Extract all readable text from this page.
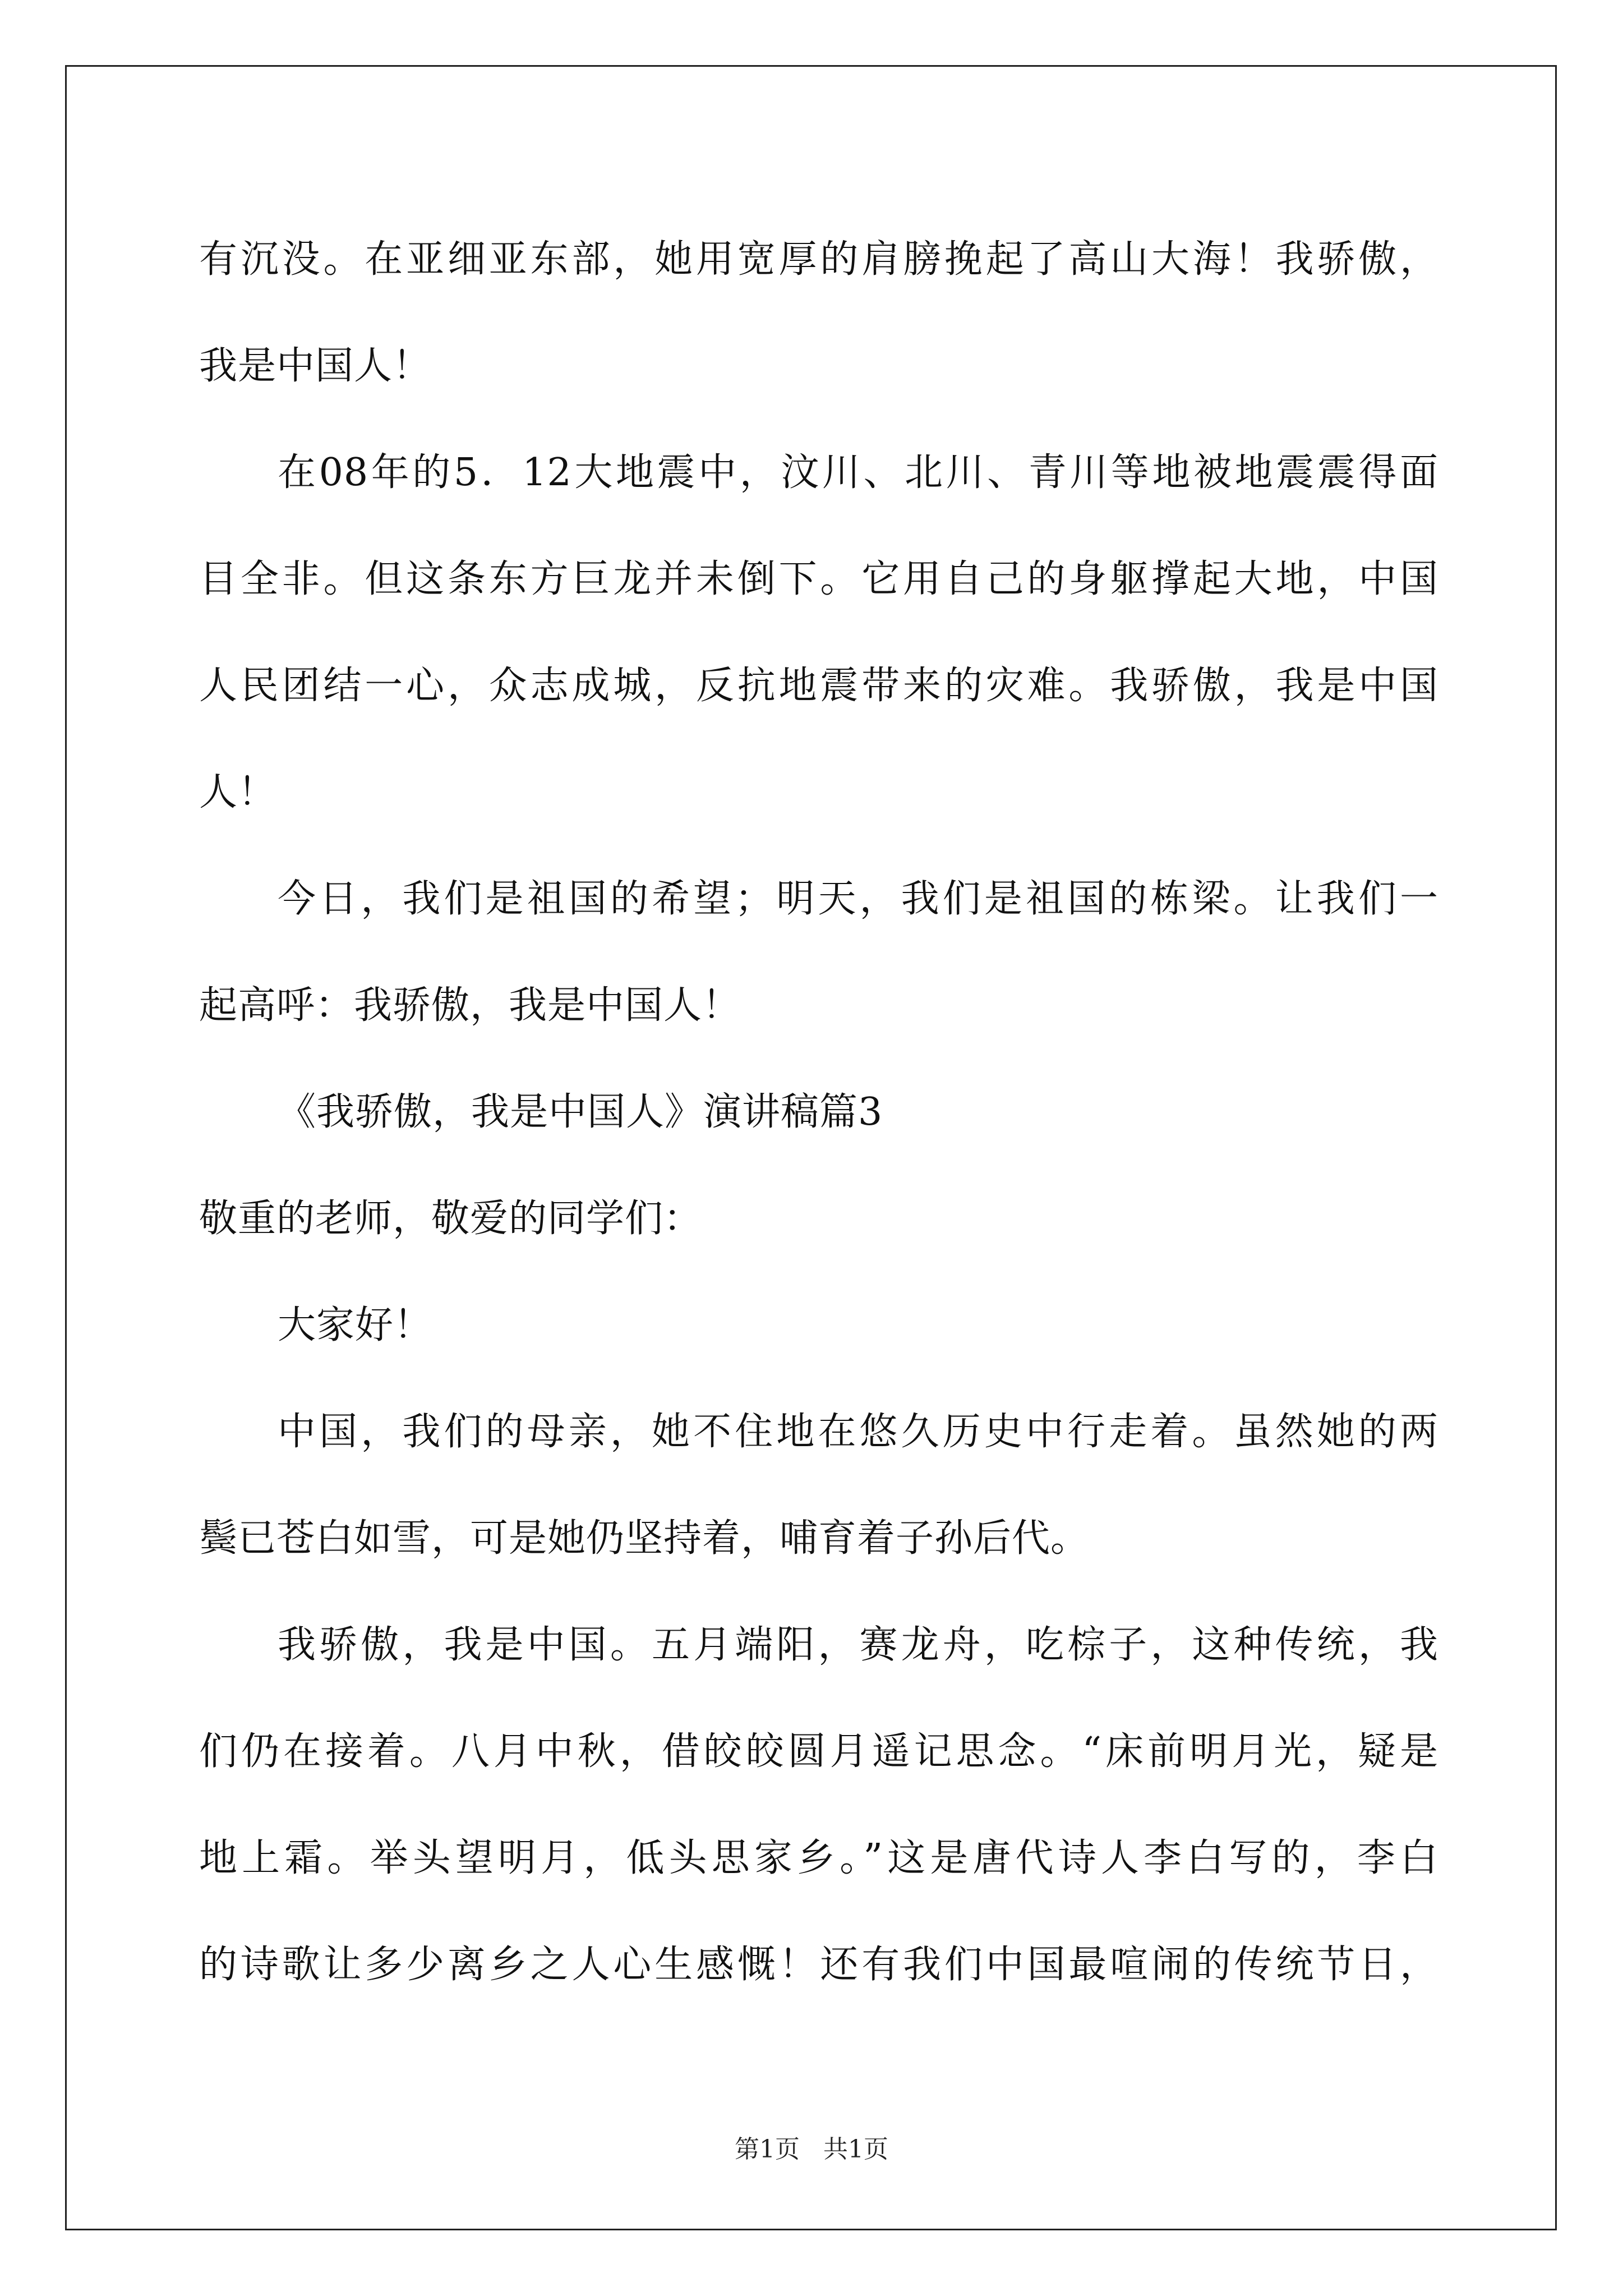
有沉没。在亚细亚东部，她用宽厚的肩膀挽起了高山大海！我骄傲，
我是中国人！
在08年的5．12大地震中，汶川、北川、青川等地被地震震得面
目全非。但这条东方巨龙并未倒下。它用自己的身躯撑起大地，中国
人民团结一心，众志成城，反抗地震带来的灾难。我骄傲，我是中国
人！
今日，我们是祖国的希望；明天，我们是祖国的栋梁。让我们一
起高呼：我骄傲，我是中国人！
《我骄傲，我是中国人》演讲稿篇3
敬重的老师，敬爱的同学们：
大家好！
中国，我们的母亲，她不住地在悠久历史中行走着。虽然她的两
鬓已苍白如雪，可是她仍坚持着，哺育着子孙后代。
我骄傲，我是中国。五月端阳，赛龙舟，吃棕子，这种传统，我
们仍在接着。八月中秋，借皎皎圆月遥记思念。“床前明月光，疑是
地上霜。举头望明月，低头思家乡。”这是唐代诗人李白写的，李白
的诗歌让多少离乡之人心生感慨！还有我们中国最喧闹的传统节日，
第1页   共1页
